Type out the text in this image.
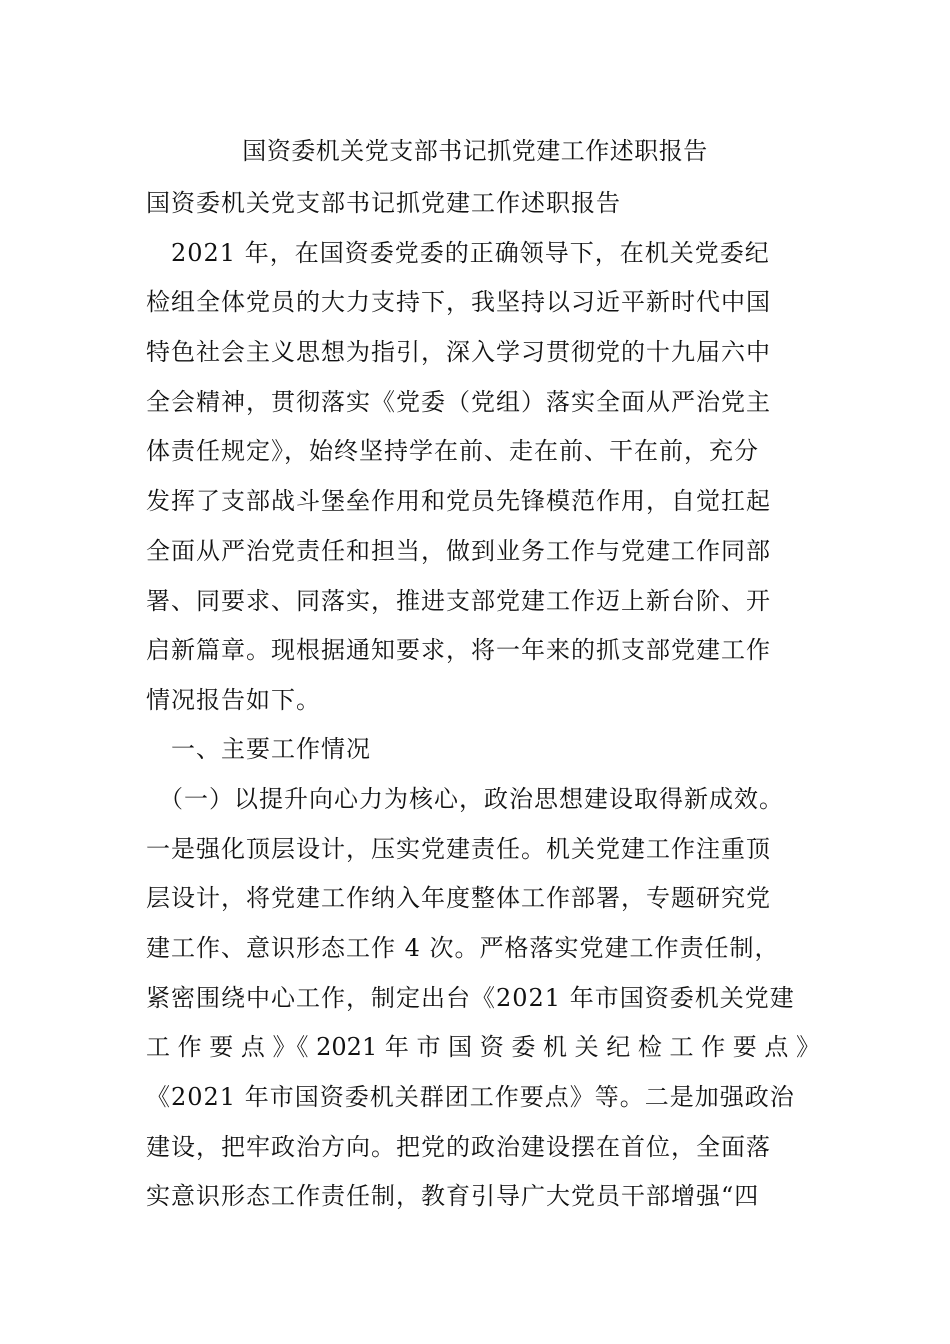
国资委机关党支部书记抓党建工作述职报告
国资委机关党支部书记抓党建工作述职报告
　2021 年，在国资委党委的正确领导下，在机关党委纪
检组全体党员的大力支持下，我坚持以习近平新时代中国
特色社会主义思想为指引，深入学习贯彻党的十九届六中
全会精神，贯彻落实《党委（党组）落实全面从严治党主
体责任规定》，始终坚持学在前、走在前、干在前，充分
发挥了支部战斗堡垒作用和党员先锋模范作用，自觉扛起
全面从严治党责任和担当，做到业务工作与党建工作同部
署、同要求、同落实，推进支部党建工作迈上新台阶、开
启新篇章。现根据通知要求，将一年来的抓支部党建工作
情况报告如下。
　一、主要工作情况
　（一）以提升向心力为核心，政治思想建设取得新成效。
一是强化顶层设计，压实党建责任。机关党建工作注重顶
层设计，将党建工作纳入年度整体工作部署，专题研究党
建工作、意识形态工作 4 次。严格落实党建工作责任制，
紧密围绕中心工作，制定出台《2021 年市国资委机关党建
工 作 要 点 》《 2021 年 市 国 资 委 机 关 纪 检 工 作 要 点 》
《2021 年市国资委机关群团工作要点》等。二是加强政治
建设，把牢政治方向。把党的政治建设摆在首位，全面落
实意识形态工作责任制，教育引导广大党员干部增强“四
